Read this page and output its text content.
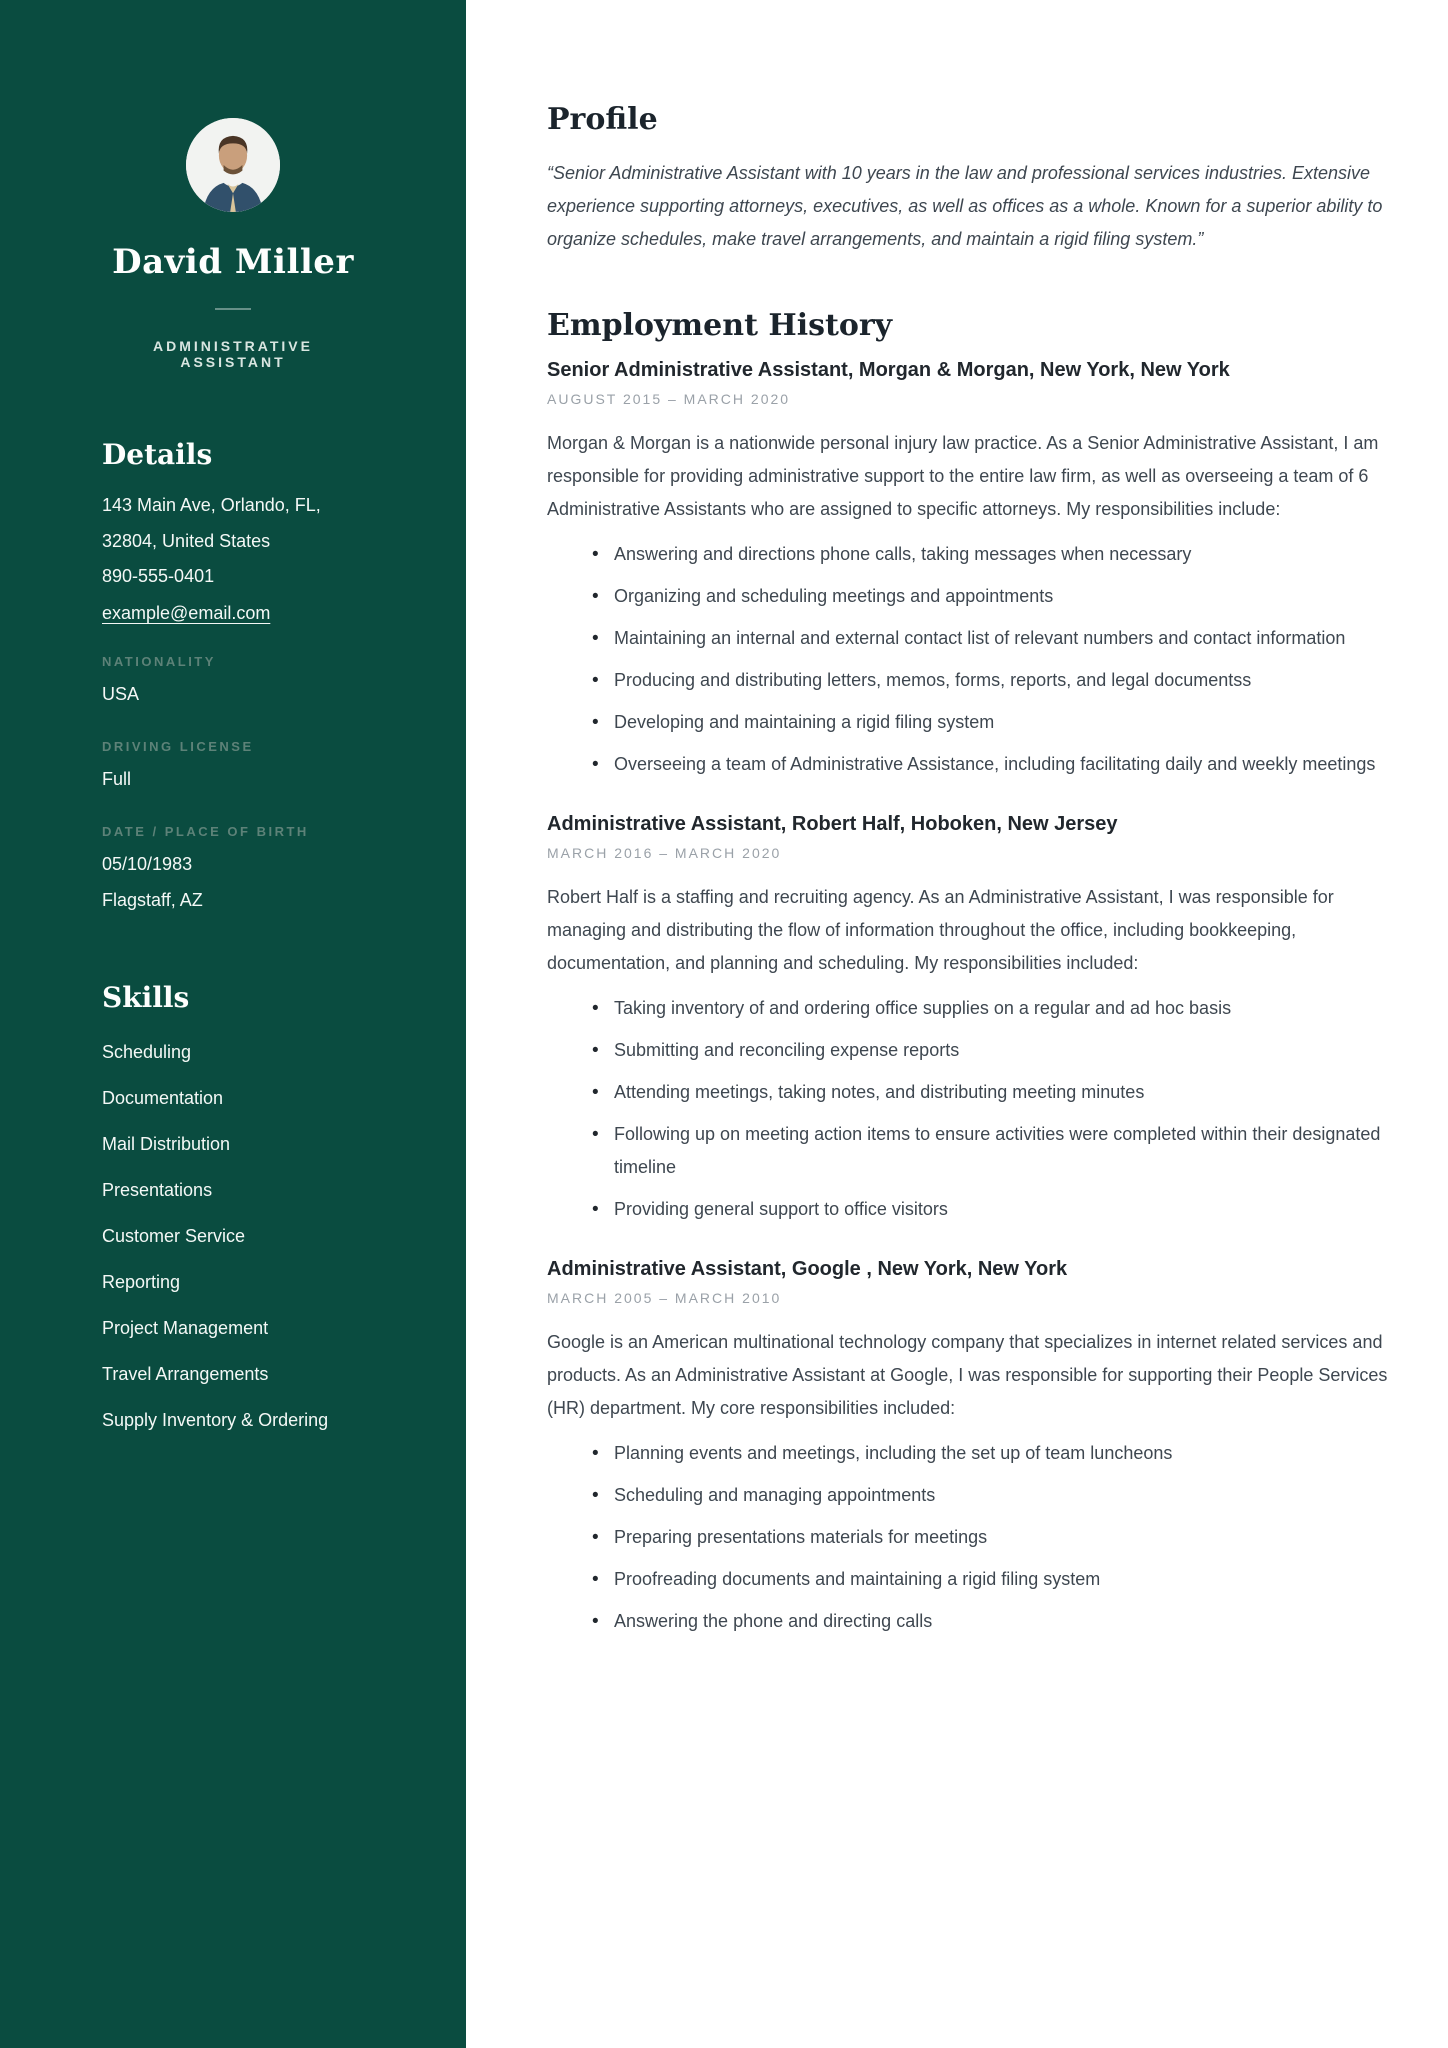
David Miller
ADMINISTRATIVE ASSISTANT
Details
143 Main Ave, Orlando, FL,
32804, United States
890-555-0401
example@email.com
NATIONALITY
USA
DRIVING LICENSE
Full
DATE / PLACE OF BIRTH
05/10/1983
Flagstaff, AZ
Skills
Scheduling
Documentation
Mail Distribution
Presentations
Customer Service
Reporting
Project Management
Travel Arrangements
Supply Inventory & Ordering
Profile

“Senior Administrative Assistant with 10 years in the law and professional services industries. Extensive experience supporting attorneys, executives, as well as offices as a whole. Known for a superior ability to organize schedules, make travel arrangements, and maintain a rigid filing system.”

Employment History
Senior Administrative Assistant, Morgan & Morgan, New York, New York
AUGUST 2015 – MARCH 2020

Morgan & Morgan is a nationwide personal injury law practice. As a Senior Administrative Assistant, I am responsible for providing administrative support to the entire law firm, as well as overseeing a team of 6 Administrative Assistants who are assigned to specific attorneys. My responsibilities include:

• Answering and directions phone calls, taking messages when necessary
• Organizing and scheduling meetings and appointments
• Maintaining an internal and external contact list of relevant numbers and contact information
• Producing and distributing letters, memos, forms, reports, and legal documentss
• Developing and maintaining a rigid filing system
• Overseeing a team of Administrative Assistance, including facilitating daily and weekly meetings
Administrative Assistant, Robert Half, Hoboken, New Jersey
MARCH 2016 – MARCH 2020

Robert Half is a staffing and recruiting agency. As an Administrative Assistant, I was responsible for managing and distributing the flow of information throughout the office, including bookkeeping, documentation, and planning and scheduling. My responsibilities included:

• Taking inventory of and ordering office supplies on a regular and ad hoc basis
• Submitting and reconciling expense reports
• Attending meetings, taking notes, and distributing meeting minutes
• Following up on meeting action items to ensure activities were completed within their designated timeline
• Providing general support to office visitors
Administrative Assistant, Google , New York, New York
MARCH 2005 – MARCH 2010

Google is an American multinational technology company that specializes in internet related services and products. As an Administrative Assistant at Google, I was responsible for supporting their People Services (HR) department. My core responsibilities included:

• Planning events and meetings, including the set up of team luncheons
• Scheduling and managing appointments
• Preparing presentations materials for meetings
• Proofreading documents and maintaining a rigid filing system
• Answering the phone and directing calls
